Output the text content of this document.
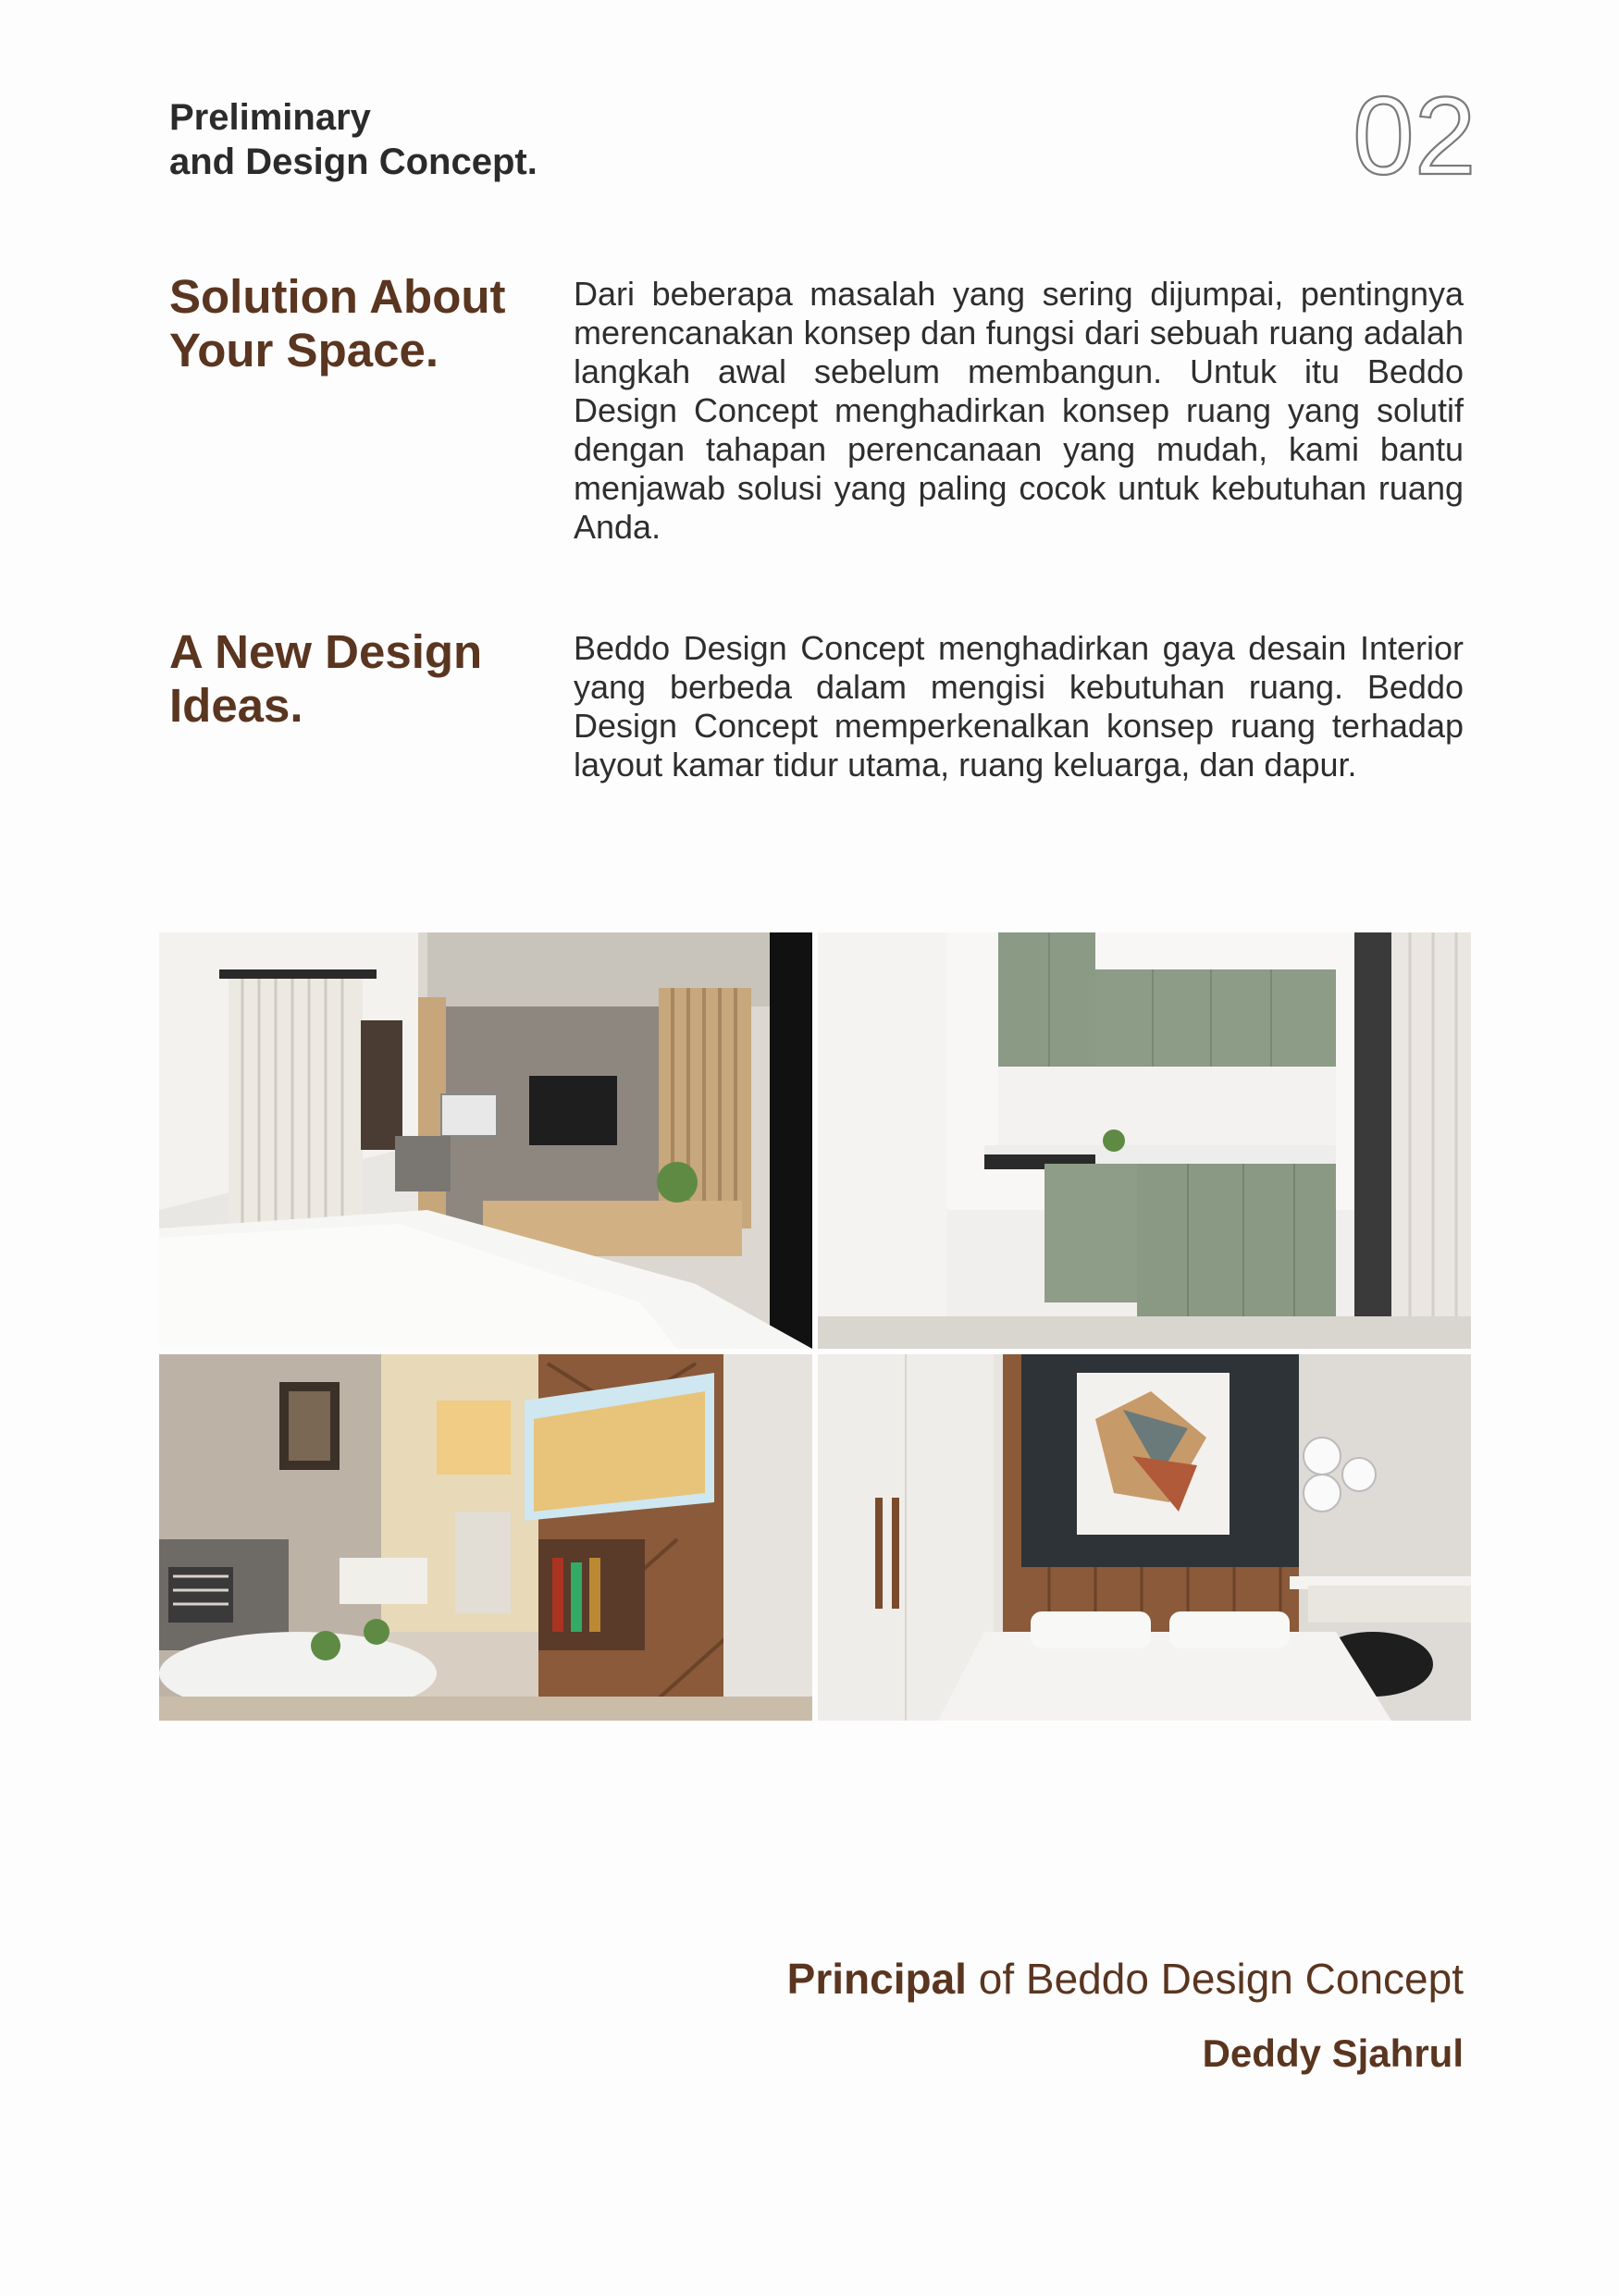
Preliminary
and Design Concept.	02
Solution About
Your Space.
Dari beberapa masalah yang sering dijumpai, pentingnya merencanakan konsep dan fungsi dari sebuah ruang adalah langkah awal sebelum membangun. Untuk itu Beddo Design Concept menghadirkan konsep ruang yang solutif dengan tahapan perencanaan yang mudah, kami bantu menjawab solusi yang paling cocok untuk kebutuhan ruang Anda.
A New Design
Ideas.
Beddo Design Concept menghadirkan gaya desain Interior yang berbeda dalam mengisi kebutuhan ruang. Beddo Design Concept memperkenalkan konsep ruang terhadap layout kamar tidur utama, ruang keluarga, dan dapur.
Principal of Beddo Design Concept
Deddy Sjahrul
